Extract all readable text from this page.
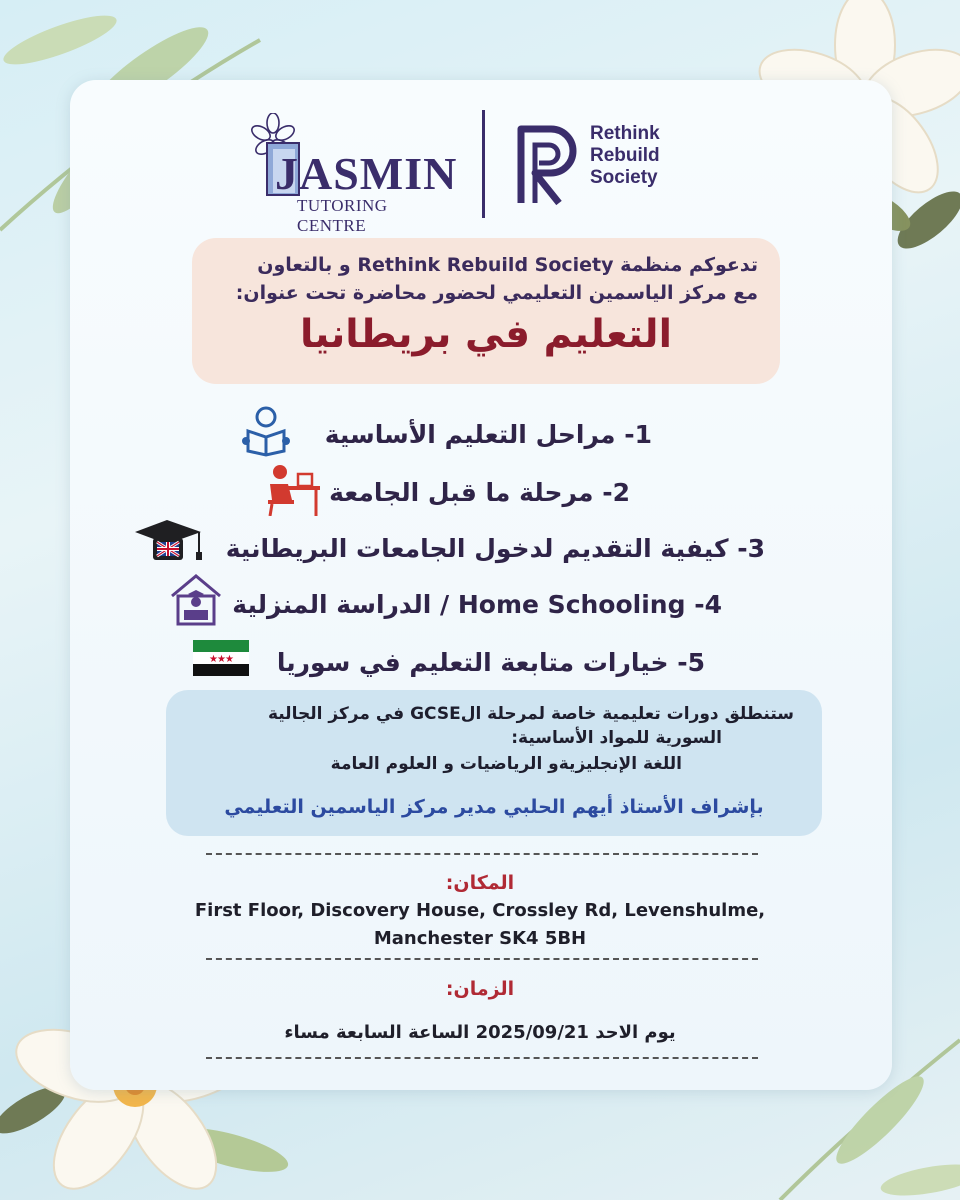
JASMIN
TUTORING CENTRE
Rethink
Rebuild
Society
تدعوكم منظمة Rethink Rebuild Society و بالتعاون
مع مركز الياسمين التعليمي لحضور محاضرة تحت عنوان:
التعليم في بريطانيا
1- مراحل التعليم الأساسية
2- مرحلة ما قبل الجامعة
3- كيفية التقديم لدخول الجامعات البريطانية
4- Home Schooling / الدراسة المنزلية
5- خيارات متابعة التعليم في سوريا
★ ★ ★
ستنطلق دورات تعليمية خاصة لمرحلة الGCSE في مركز الجالية
السورية للمواد الأساسية:
اللغة الإنجليزيةو الرياضيات و العلوم العامة
بإشراف الأستاذ أيهم الحلبي مدير مركز الياسمين التعليمي
المكان:
First Floor, Discovery House, Crossley Rd, Levenshulme,
Manchester SK4 5BH
الزمان:
يوم الاحد 2025/09/21 الساعة السابعة مساء
